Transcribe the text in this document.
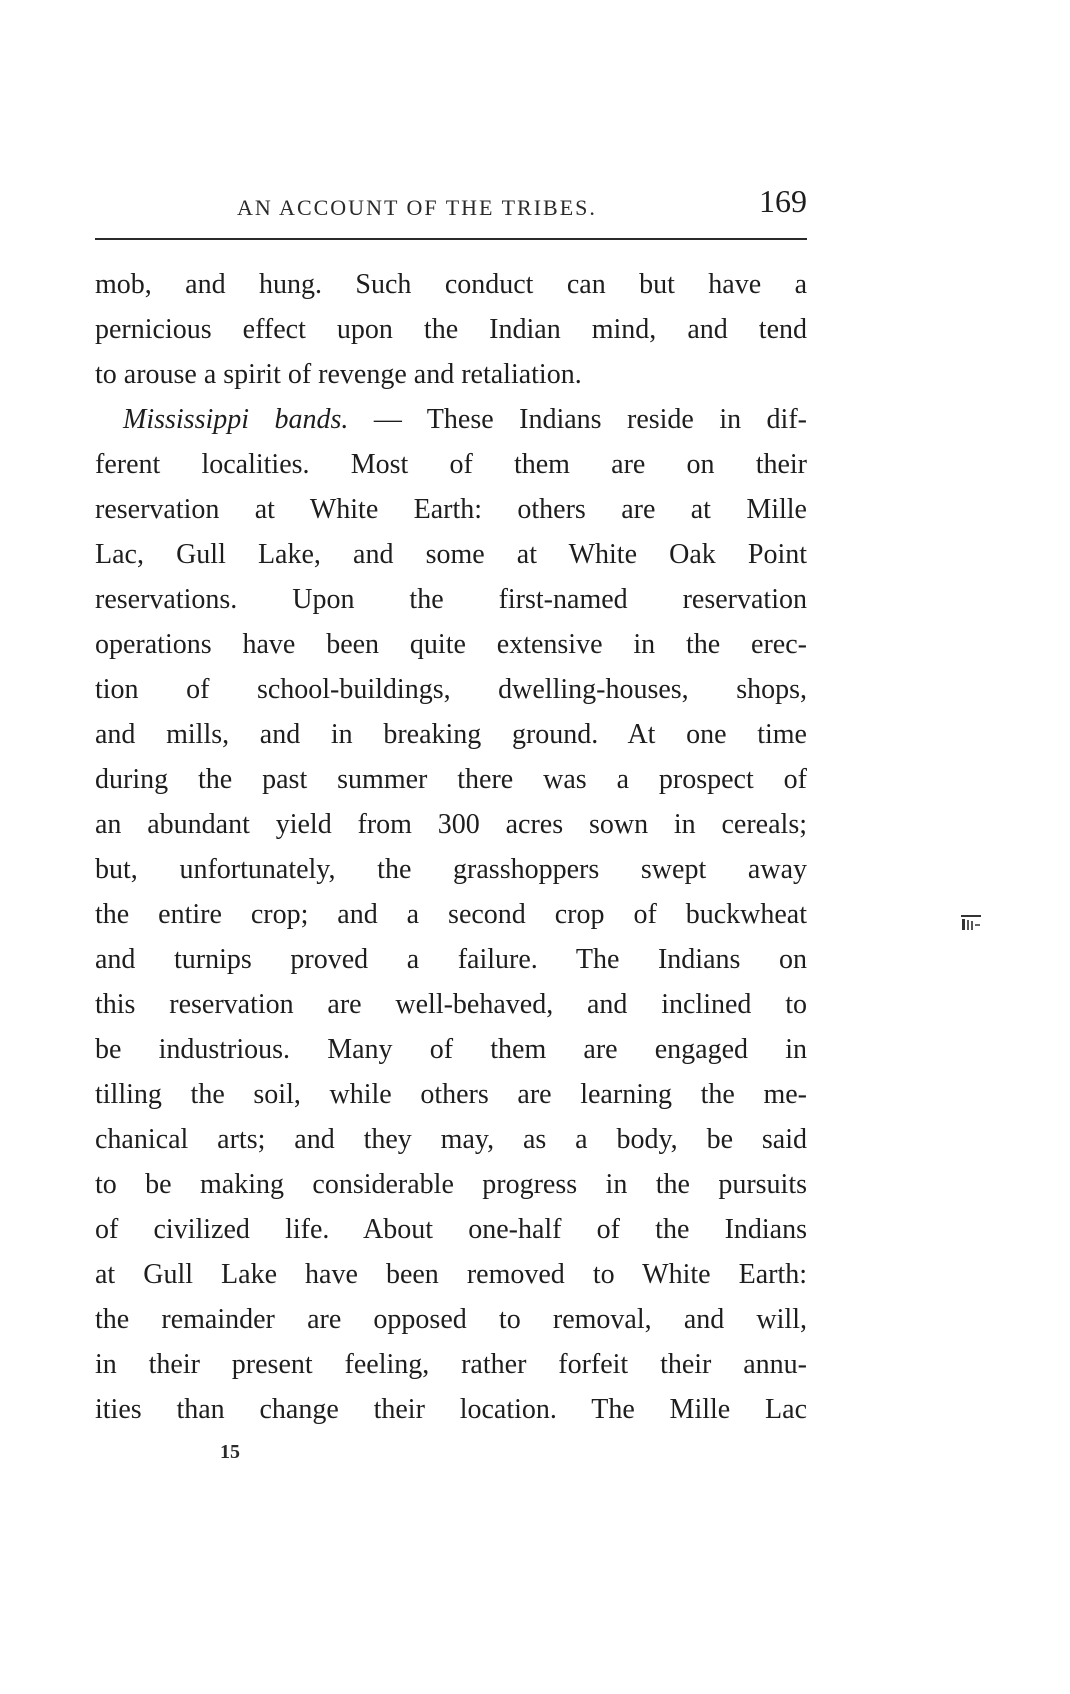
AN ACCOUNT OF THE TRIBES.	169
mob, and hung. Such conduct can but have a
pernicious effect upon the Indian mind, and tend
to arouse a spirit of revenge and retaliation.
Mississippi bands. — These Indians reside in dif-
ferent localities. Most of them are on their
reservation at White Earth: others are at Mille
Lac, Gull Lake, and some at White Oak Point
reservations. Upon the first-named reservation
operations have been quite extensive in the erec-
tion of school-buildings, dwelling-houses, shops,
and mills, and in breaking ground. At one time
during the past summer there was a prospect of
an abundant yield from 300 acres sown in cereals;
but, unfortunately, the grasshoppers swept away
the entire crop; and a second crop of buckwheat
and turnips proved a failure. The Indians on
this reservation are well-behaved, and inclined to
be industrious. Many of them are engaged in
tilling the soil, while others are learning the me-
chanical arts; and they may, as a body, be said
to be making considerable progress in the pursuits
of civilized life. About one-half of the Indians
at Gull Lake have been removed to White Earth:
the remainder are opposed to removal, and will,
in their present feeling, rather forfeit their annu-
ities than change their location. The Mille Lac
15
